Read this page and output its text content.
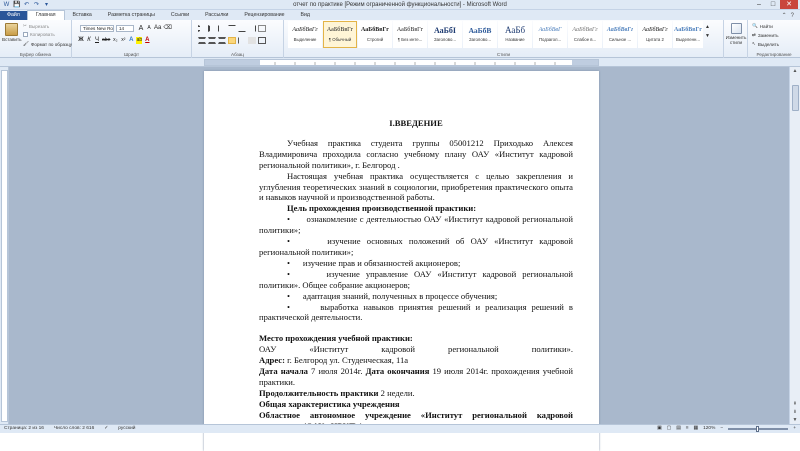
W 💾 ↶ ↷ ▾	отчет по практике [Режим ограниченной функциональности] - Microsoft Word	–	□	✕
Файл	Главная	Вставка	Разметка страницы	Ссылки	Рассылки	Рецензирование	Вид	⌃ ?
Вставить
✂ Вырезать
Копировать
🖌 Формат по образцу
Буфер обмена
Times New Ro	14	A A Aa ⌫
Ж К Ч abe x₂ x² A ab A
Шрифт	Абзац
АаБбВвГг
Выделение
АаБбВвГг
¶ Обычный
АаБбВвГг
Строгий
АаБбВвГг
¶ Без инте...
АаБбI
Заголово...
АаБбВ
Заголово...
АаБб
Название
АаБбВвГ
Подзагол...
АаБбВвГг
Слабое в...
АаБбВвГг
Сильное ...
АаБбВвГг
Цитата 2
АаБбВвГг
Выделенн...
▲
▼
Стили
Изменить стили
🔍 Найти
⇄ Заменить
↖ Выделить
Редактирование

I.ВВЕДЕНИЕ

Учебная практика студента группы 05001212 Приходько Алексея Владимировича проходила согласно учебному плану ОАУ «Институт кадровой региональной политики», г. Белгород .

Настоящая учебная практика осуществляется с целью закрепления и углубления теоретических знаний в социологии, приобретения практического опыта и навыков научной и производственной работы.

Цель прохождения производственной практики:

•      ознакомление с деятельностью ОАУ «Институт кадровой региональной политики»;

•      изучение основных положений об ОАУ «Институт кадровой региональной политики»;

•      изучение прав и обязанностей акционеров;

•      изучение управление ОАУ «Институт кадровой региональной политики». Общее собрание акционеров;

•      адаптация знаний, полученных в процессе обучения;

•      выработка навыков принятия решений и реализация решений в практической деятельности.

Место прохождения учебной практики:

ОАУ «Институт кадровой региональной политики».

Адрес: г. Белгород ул. Студенческая, 11а

Дата начала 7 июля 2014г. Дата окончания 19 июля 2014г. прохождения учебной практики.

Продолжительность практики 2 недели.

Общая характеристика учреждения

Областное автономное учреждение «Институт региональной кадровой

▲
⇞
⇟
▼
Страница: 2 из 16 Число слов: 2 616 ✓ русский	▣ ▢ ▤ ≡ ▦ 120% −	+
